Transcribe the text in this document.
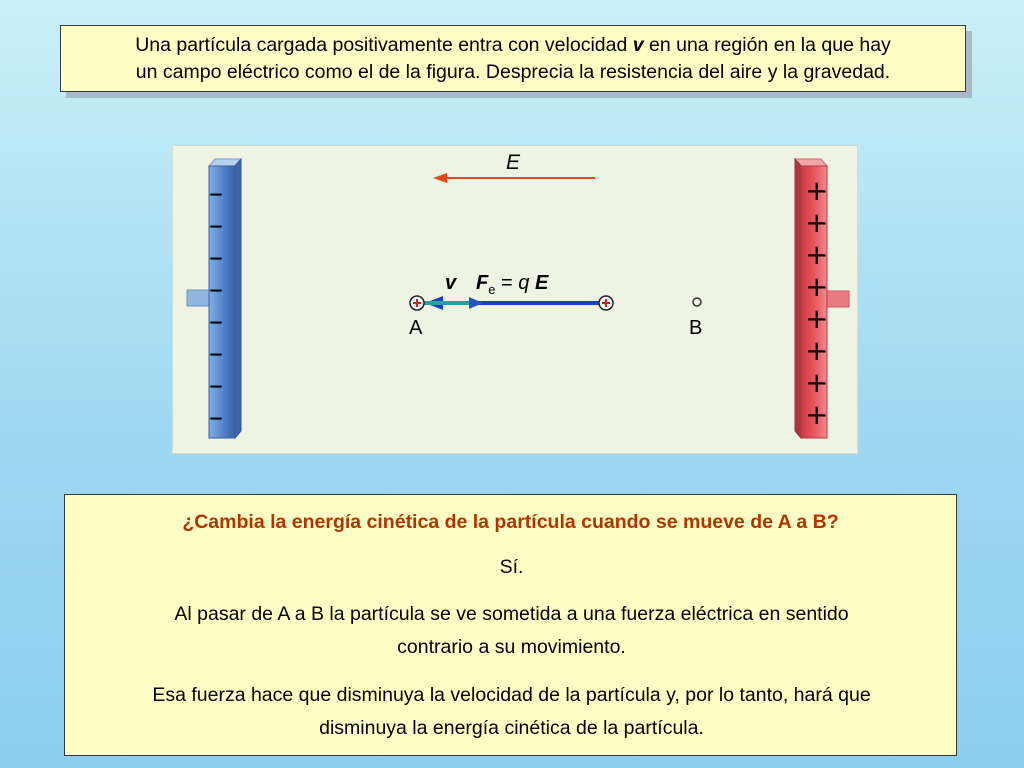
Una partícula cargada positivamente entra con velocidad v en una región en la que hay
un campo eléctrico como el de la figura. Desprecia la resistencia del aire y la gravedad.
–
–
–
–
–
–
–
–
+
+
+
+
+
+
+
+
E
v $F_e = q$ E
A	B
¿Cambia la energía cinética de la partícula cuando se mueve de A a B?
Sí.
Al pasar de A a B la partícula se ve sometida a una fuerza eléctrica en sentido
contrario a su movimiento.
Esa fuerza hace que disminuya la velocidad de la partícula y, por lo tanto, hará que
disminuya la energía cinética de la partícula.
